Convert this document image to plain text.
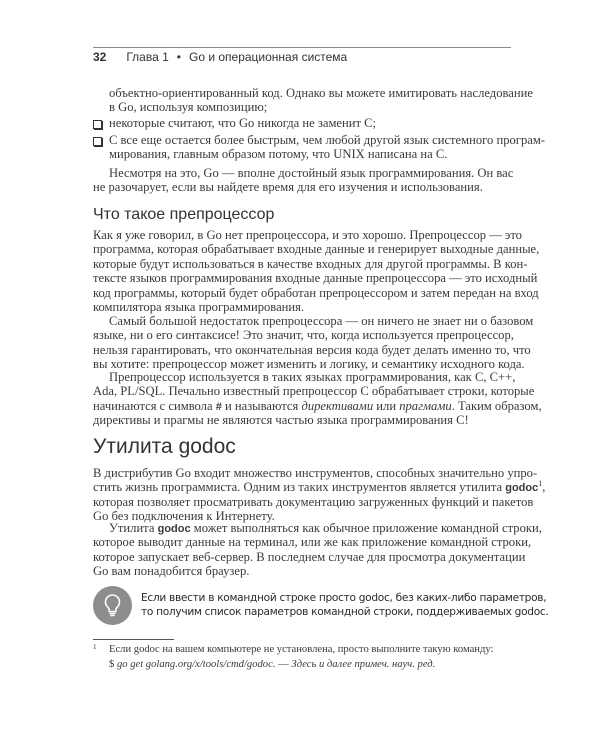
32 Глава 1 • Go и операционная система
объектно-ориентированный код. Однако вы можете имитировать наследование
в Go, используя композицию;
некоторые считают, что Go никогда не заменит C;
C все еще остается более быстрым, чем любой другой язык системного програм-
мирования, главным образом потому, что UNIX написана на C.
Несмотря на это, Go — вполне достойный язык программирования. Он вас
не разочарует, если вы найдете время для его изучения и использования.
Как я уже говорил, в Go нет препроцессора, и это хорошо. Препроцессор — это
программа, которая обрабатывает входные данные и генерирует выходные данные,
которые будут использоваться в качестве входных для другой программы. В кон-
тексте языков программирования входные данные препроцессора — это исходный
код программы, который будет обработан препроцессором и затем передан на вход
компилятора языка программирования.
Самый большой недостаток препроцессора — он ничего не знает ни о базовом
языке, ни о его синтаксисе! Это значит, что, когда используется препроцессор,
нельзя гарантировать, что окончательная версия кода будет делать именно то, что
вы хотите: препроцессор может изменить и логику, и семантику исходного кода.
Препроцессор используется в таких языках программирования, как C, C++,
Ada, PL/SQL. Печально известный препроцессор C обрабатывает строки, которые
начинаются с символа # и называются директивами или прагмами. Таким образом,
директивы и прагмы не являются частью языка программирования C!
В дистрибутив Go входит множество инструментов, способных значительно упро-
стить жизнь программиста. Одним из таких инструментов является утилита godoc$^1$,
которая позволяет просматривать документацию загруженных функций и пакетов
Go без подключения к Интернету.
Утилита godoc может выполняться как обычное приложение командной строки,
которое выводит данные на терминал, или же как приложение командной строки,
которое запускает веб-сервер. В последнем случае для просмотра документации
Go вам понадобится браузер.
Что такое препроцессор
Утилита godoc
Если ввести в командной строке просто godoc, без каких-либо параметров,
то получим список параметров командной строки, поддерживаемых godoc.
1	Если godoc на вашем компьютере не установлена, просто выполните такую команду:
$ go get golang.org/x/tools/cmd/godoc. — Здесь и далее примеч. науч. ред.
